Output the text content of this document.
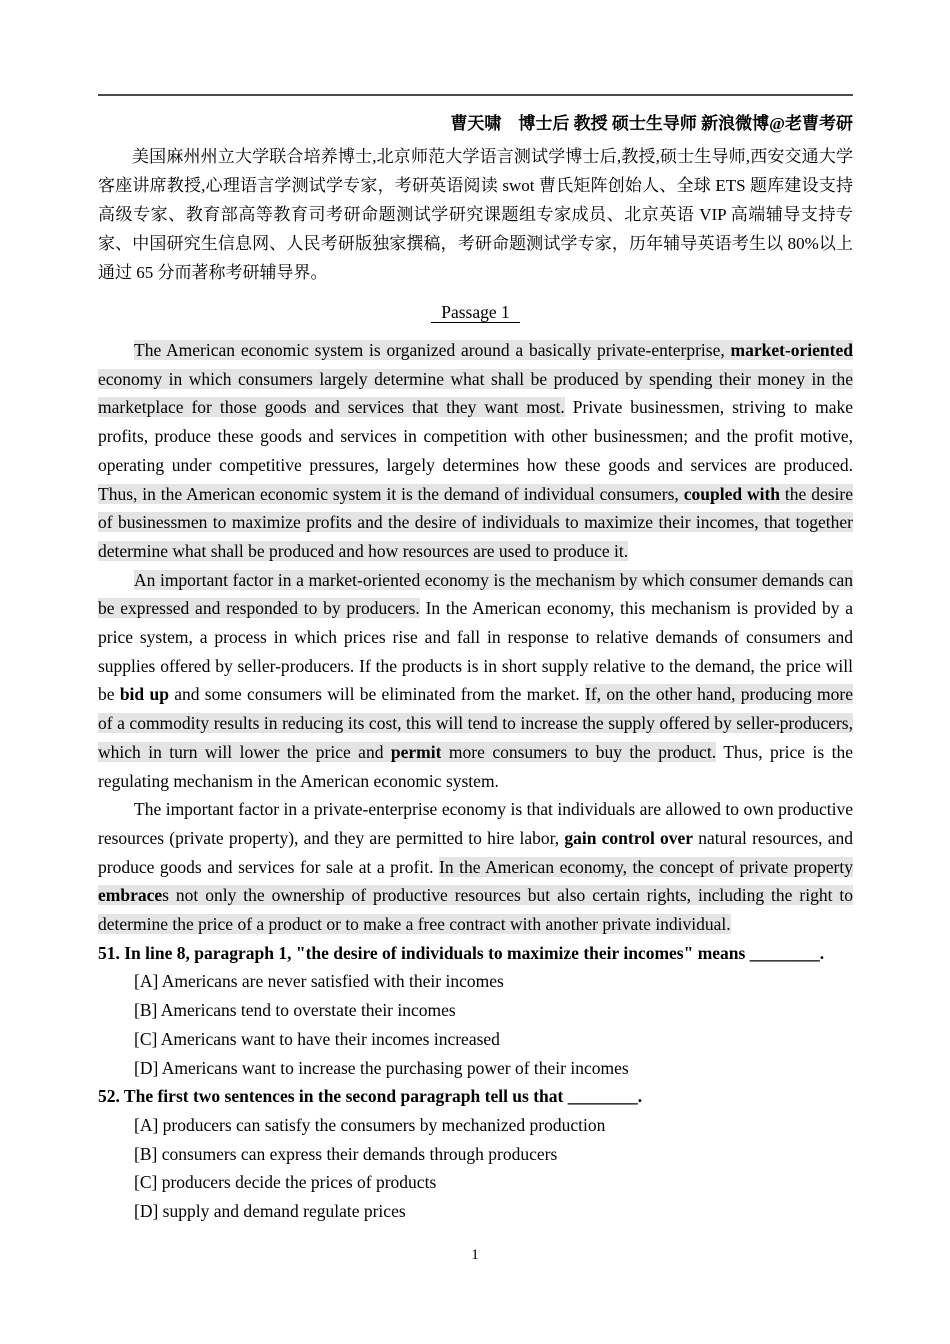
曹天啸　博士后 教授 硕士生导师 新浪微博@老曹考研

美国麻州州立大学联合培养博士,北京师范大学语言测试学博士后,教授,硕士生导师,西安交通大学客座讲席教授,心理语言学测试学专家，考研英语阅读 swot 曹氏矩阵创始人、全球 ETS 题库建设支持高级专家、教育部高等教育司考研命题测试学研究课题组专家成员、北京英语 VIP 高端辅导支持专家、中国研究生信息网、人民考研版独家撰稿，考研命题测试学专家，历年辅导英语考生以 80%以上通过 65 分而著称考研辅导界。

Passage 1

The American economic system is organized around a basically private-enterprise, market-oriented economy in which consumers largely determine what shall be produced by spending their money in the marketplace for those goods and services that they want most. Private businessmen, striving to make profits, produce these goods and services in competition with other businessmen; and the profit motive, operating under competitive pressures, largely determines how these goods and services are produced. Thus, in the American economic system it is the demand of individual consumers, coupled with the desire of businessmen to maximize profits and the desire of individuals to maximize their incomes, that together determine what shall be produced and how resources are used to produce it.

An important factor in a market-oriented economy is the mechanism by which consumer demands can be expressed and responded to by producers. In the American economy, this mechanism is provided by a price system, a process in which prices rise and fall in response to relative demands of consumers and supplies offered by seller-producers. If the products is in short supply relative to the demand, the price will be bid up and some consumers will be eliminated from the market. If, on the other hand, producing more of a commodity results in reducing its cost, this will tend to increase the supply offered by seller-producers, which in turn will lower the price and permit more consumers to buy the product. Thus, price is the regulating mechanism in the American economic system.

The important factor in a private-enterprise economy is that individuals are allowed to own productive resources (private property), and they are permitted to hire labor, gain control over natural resources, and produce goods and services for sale at a profit. In the American economy, the concept of private property embraces not only the ownership of productive resources but also certain rights, including the right to determine the price of a product or to make a free contract with another private individual.

51. In line 8, paragraph 1, "the desire of individuals to maximize their incomes" means ________.

[A] Americans are never satisfied with their incomes

[B] Americans tend to overstate their incomes

[C] Americans want to have their incomes increased

[D] Americans want to increase the purchasing power of their incomes

52. The first two sentences in the second paragraph tell us that ________.

[A] producers can satisfy the consumers by mechanized production

[B] consumers can express their demands through producers

[C] producers decide the prices of products

[D] supply and demand regulate prices

1
